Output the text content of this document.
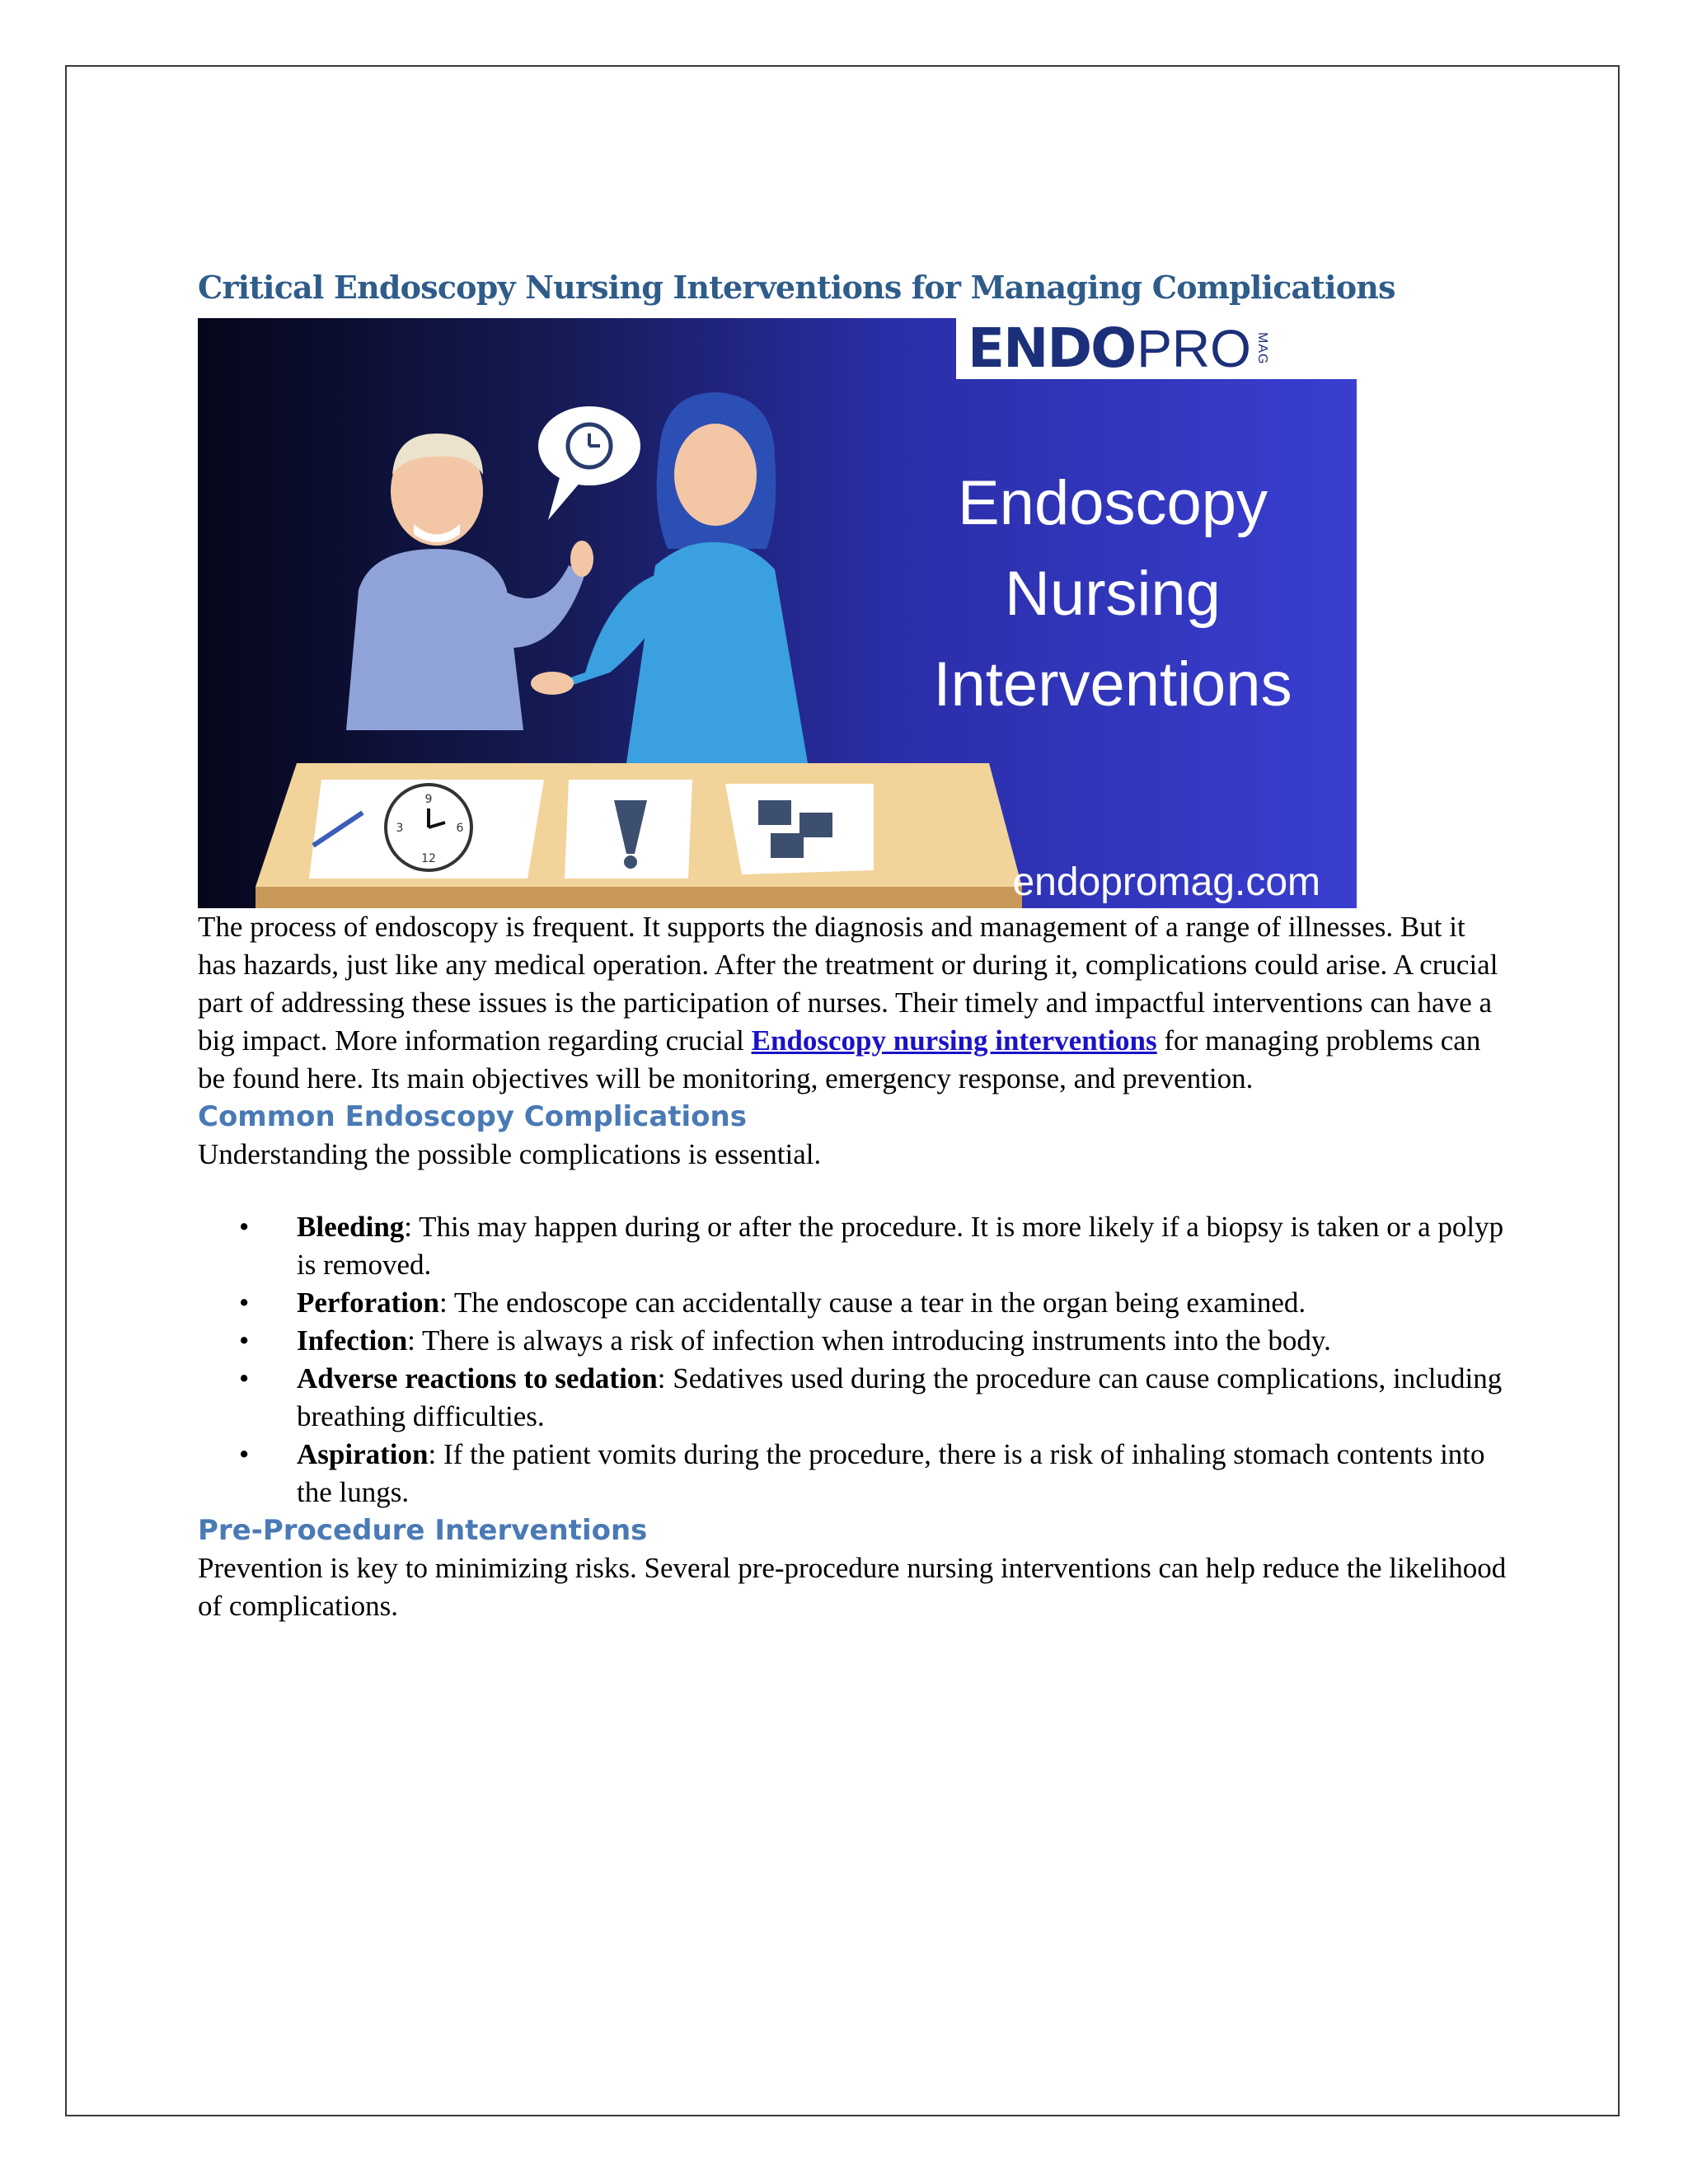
Critical Endoscopy Nursing Interventions for Managing Complications
9
3	6
12
ENDO PRO MAG
Endoscopy
Nursing
Interventions
endopromag.com

The process of endoscopy is frequent. It supports the diagnosis and management of a range of illnesses. But it has hazards, just like any medical operation. After the treatment or during it, complications could arise. A crucial part of addressing these issues is the participation of nurses. Their timely and impactful interventions can have a big impact. More information regarding crucial Endoscopy nursing interventions for managing problems can be found here. Its main objectives will be monitoring, emergency response, and prevention.

Common Endoscopy Complications

Understanding the possible complications is essential.

• Bleeding: This may happen during or after the procedure. It is more likely if a biopsy is taken or a polyp is removed.
• Perforation: The endoscope can accidentally cause a tear in the organ being examined.
• Infection: There is always a risk of infection when introducing instruments into the body.
• Adverse reactions to sedation: Sedatives used during the procedure can cause complications, including breathing difficulties.
• Aspiration: If the patient vomits during the procedure, there is a risk of inhaling stomach contents into the lungs.
Pre-Procedure Interventions

Prevention is key to minimizing risks. Several pre-procedure nursing interventions can help reduce the likelihood of complications.
